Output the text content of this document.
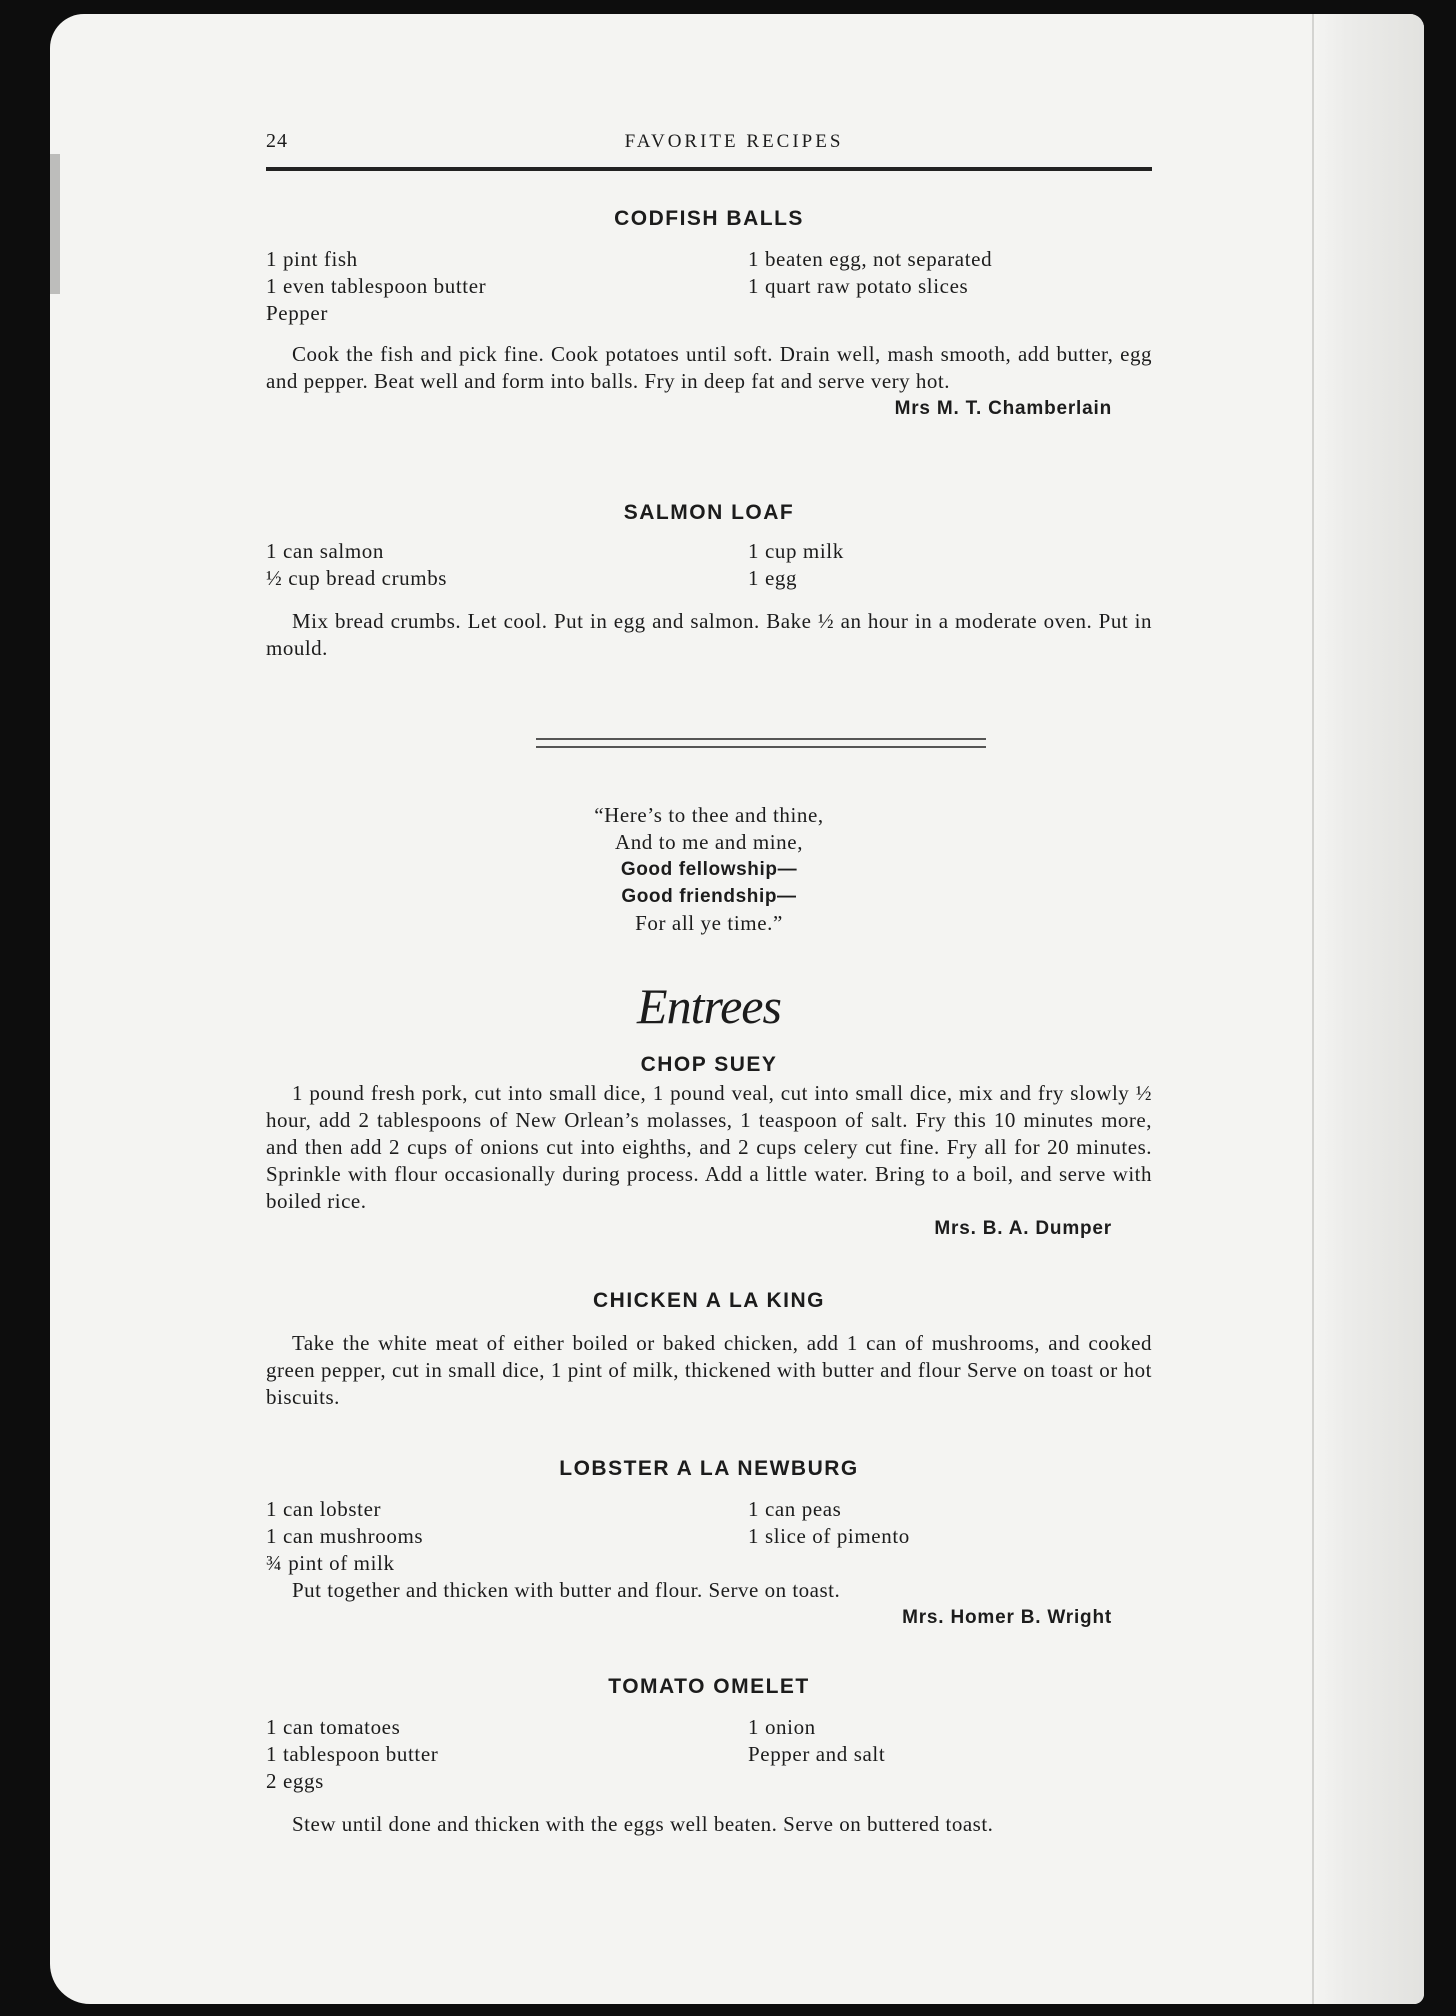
24	FAVORITE RECIPES
CODFISH BALLS
1 pint fish
1 even tablespoon butter
Pepper
1 beaten egg, not separated
1 quart raw potato slices

Cook the fish and pick fine. Cook potatoes until soft. Drain well, mash smooth, add butter, egg and pepper. Beat well and form into balls. Fry in deep fat and serve very hot.

Mrs M. T. Chamberlain
SALMON LOAF
1 can salmon
½ cup bread crumbs
1 cup milk
1 egg

Mix bread crumbs. Let cool. Put in egg and salmon. Bake ½ an hour in a moderate oven. Put in mould.

“Here’s to thee and thine,
And to me and mine,
Good fellowship—
Good friendship—
For all ye time.”
Entrees
CHOP SUEY

1 pound fresh pork, cut into small dice, 1 pound veal, cut into small dice, mix and fry slowly ½ hour, add 2 tablespoons of New Orlean’s molasses, 1 teaspoon of salt. Fry this 10 minutes more, and then add 2 cups of onions cut into eighths, and 2 cups celery cut fine. Fry all for 20 minutes. Sprinkle with flour occasionally during process. Add a little water. Bring to a boil, and serve with boiled rice.

Mrs. B. A. Dumper
CHICKEN A LA KING

Take the white meat of either boiled or baked chicken, add 1 can of mushrooms, and cooked green pepper, cut in small dice, 1 pint of milk, thickened with butter and flour Serve on toast or hot biscuits.

LOBSTER A LA NEWBURG
1 can lobster
1 can mushrooms
¾ pint of milk
1 can peas
1 slice of pimento

Put together and thicken with butter and flour. Serve on toast.

Mrs. Homer B. Wright
TOMATO OMELET
1 can tomatoes
1 tablespoon butter
2 eggs
1 onion
Pepper and salt

Stew until done and thicken with the eggs well beaten. Serve on buttered toast.
